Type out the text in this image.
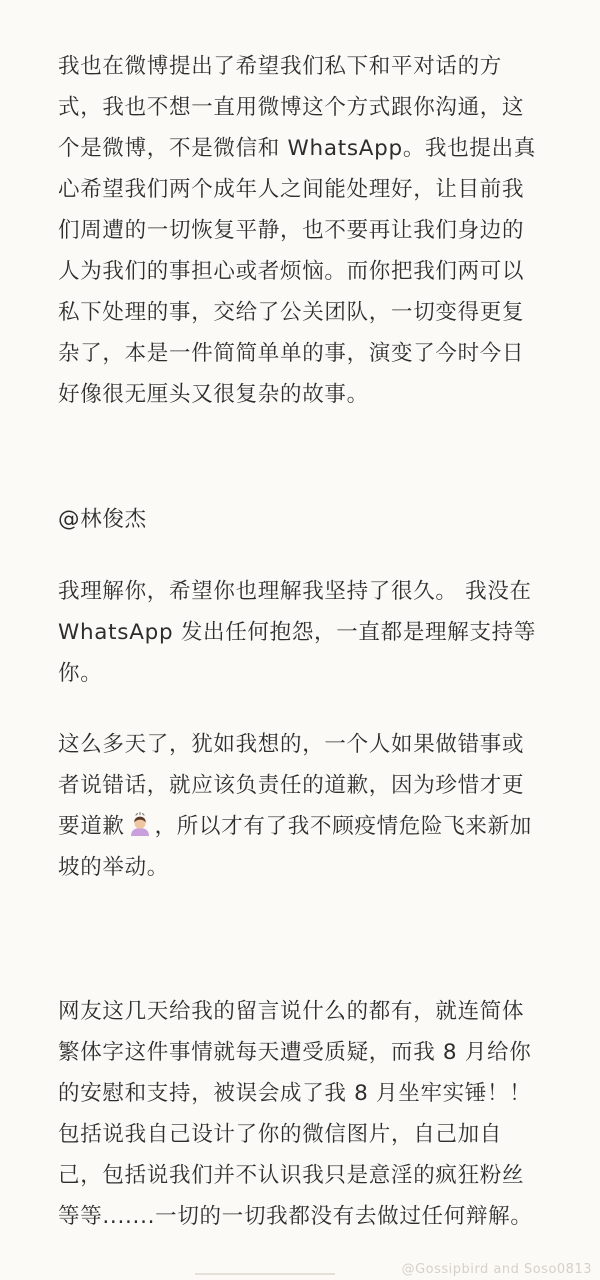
我也在微博提出了希望我们私下和平对话的方式，我也不想一直用微博这个方式跟你沟通，这个是微博，不是微信和 WhatsApp。我也提出真心希望我们两个成年人之间能处理好，让目前我们周遭的一切恢复平静，也不要再让我们身边的人为我们的事担心或者烦恼。而你把我们两可以私下处理的事，交给了公关团队，一切变得更复杂了，本是一件简简单单的事，演变了今时今日好像很无厘头又很复杂的故事。

@林俊杰

我理解你，希望你也理解我坚持了很久。 我没在 WhatsApp 发出任何抱怨，一直都是理解支持等你。

这么多天了，犹如我想的，一个人如果做错事或者说错话，就应该负责任的道歉，因为珍惜才更要道歉 ，所以才有了我不顾疫情危险飞来新加坡的举动。

网友这几天给我的留言说什么的都有，就连简体繁体字这件事情就每天遭受质疑，而我 8 月给你的安慰和支持，被误会成了我 8 月坐牢实锤！！包括说我自己设计了你的微信图片，自己加自己，包括说我们并不认识我只是意淫的疯狂粉丝等等.......一切的一切我都没有去做过任何辩解。

@Gossipbird and Soso0813
